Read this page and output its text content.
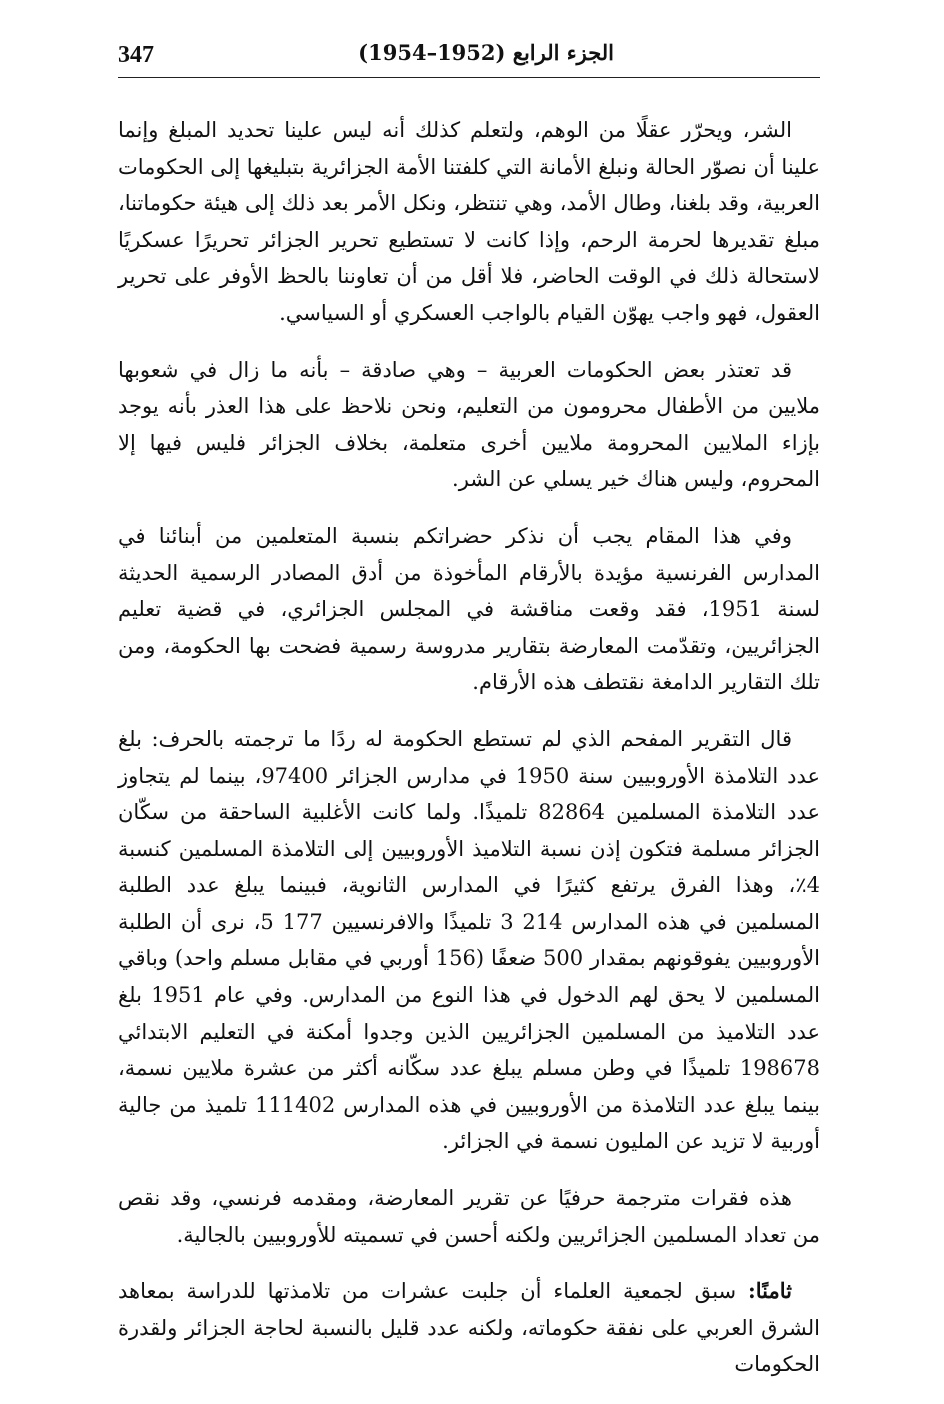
347	الجزء الرابع (1952–1954)

الشر، ويحرّر عقلًا من الوهم، ولتعلم كذلك أنه ليس علينا تحديد المبلغ وإنما علينا أن نصوّر الحالة ونبلغ الأمانة التي كلفتنا الأمة الجزائرية بتبليغها إلى الحكومات العربية، وقد بلغنا، وطال الأمد، وهي تنتظر، ونكل الأمر بعد ذلك إلى هيئة حكوماتنا، مبلغ تقديرها لحرمة الرحم، وإذا كانت لا تستطيع تحرير الجزائر تحريرًا عسكريًا لاستحالة ذلك في الوقت الحاضر، فلا أقل من أن تعاوننا بالحظ الأوفر على تحرير العقول، فهو واجب يهوّن القيام بالواجب العسكري أو السياسي.

قد تعتذر بعض الحكومات العربية – وهي صادقة – بأنه ما زال في شعوبها ملايين من الأطفال محرومون من التعليم، ونحن نلاحظ على هذا العذر بأنه يوجد بإزاء الملايين المحرومة ملايين أخرى متعلمة، بخلاف الجزائر فليس فيها إلا المحروم، وليس هناك خير يسلي عن الشر.

وفي هذا المقام يجب أن نذكر حضراتكم بنسبة المتعلمين من أبنائنا في المدارس الفرنسية مؤيدة بالأرقام المأخوذة من أدق المصادر الرسمية الحديثة لسنة 1951، فقد وقعت مناقشة في المجلس الجزائري، في قضية تعليم الجزائريين، وتقدّمت المعارضة بتقارير مدروسة رسمية فضحت بها الحكومة، ومن تلك التقارير الدامغة نقتطف هذه الأرقام.

قال التقرير المفحم الذي لم تستطع الحكومة له ردًا ما ترجمته بالحرف: بلغ عدد التلامذة الأوروبيين سنة 1950 في مدارس الجزائر 97400، بينما لم يتجاوز عدد التلامذة المسلمين 82864 تلميذًا. ولما كانت الأغلبية الساحقة من سكّان الجزائر مسلمة فتكون إذن نسبة التلاميذ الأوروبيين إلى التلامذة المسلمين كنسبة 4٪، وهذا الفرق يرتفع كثيرًا في المدارس الثانوية، فبينما يبلغ عدد الطلبة المسلمين في هذه المدارس 214 3 تلميذًا والافرنسيين 177 5، نرى أن الطلبة الأوروبيين يفوقونهم بمقدار 500 ضعفًا (156 أوربي في مقابل مسلم واحد) وباقي المسلمين لا يحق لهم الدخول في هذا النوع من المدارس. وفي عام 1951 بلغ عدد التلاميذ من المسلمين الجزائريين الذين وجدوا أمكنة في التعليم الابتدائي 198678 تلميذًا في وطن مسلم يبلغ عدد سكّانه أكثر من عشرة ملايين نسمة، بينما يبلغ عدد التلامذة من الأوروبيين في هذه المدارس 111402 تلميذ من جالية أوربية لا تزيد عن المليون نسمة في الجزائر.

هذه فقرات مترجمة حرفيًا عن تقرير المعارضة، ومقدمه فرنسي، وقد نقص من تعداد المسلمين الجزائريين ولكنه أحسن في تسميته للأوروبيين بالجالية.

ثامنًا: سبق لجمعية العلماء أن جلبت عشرات من تلامذتها للدراسة بمعاهد الشرق العربي على نفقة حكوماته، ولكنه عدد قليل بالنسبة لحاجة الجزائر ولقدرة الحكومات
